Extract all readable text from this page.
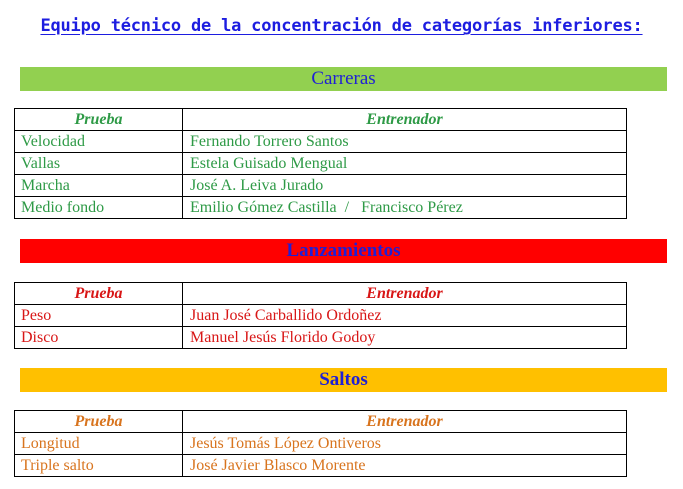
Equipo técnico de la concentración de categorías inferiores:
Carreras
Prueba	Entrenador
Velocidad	Fernando Torrero Santos
Vallas	Estela Guisado Mengual
Marcha	José A. Leiva Jurado
Medio fondo	Emilio Gómez Castilla  /   Francisco Pérez
Lanzamientos
Prueba	Entrenador
Peso	Juan José Carballido Ordoñez
Disco	Manuel Jesús Florido Godoy
Saltos
Prueba	Entrenador
Longitud	Jesús Tomás López Ontiveros
Triple salto	José Javier Blasco Morente
